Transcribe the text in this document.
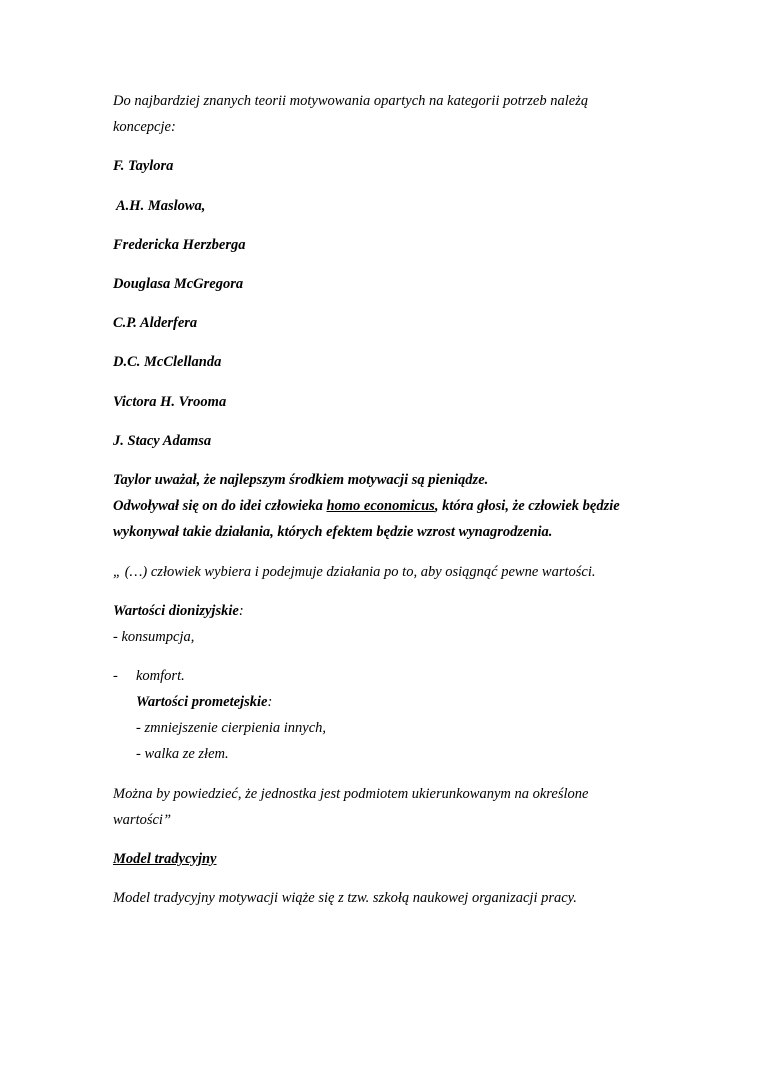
Do najbardziej znanych teorii motywowania opartych na kategorii potrzeb należą
koncepcje:
F. Taylora
A.H. Maslowa,
Fredericka Herzberga
Douglasa McGregora
C.P. Alderfera
D.C. McClellanda
Victora H. Vrooma
J. Stacy Adamsa
Taylor uważał, że najlepszym środkiem motywacji są pieniądze.
Odwoływał się on do idei człowieka homo economicus, która głosi, że człowiek będzie
wykonywał takie działania, których efektem będzie wzrost wynagrodzenia.
„ (…) człowiek wybiera i podejmuje działania po to, aby osiągnąć pewne wartości.
Wartości dionizyjskie:
- konsumpcja,
- komfort.
Wartości prometejskie:
- zmniejszenie cierpienia innych,
- walka ze złem.
Można by powiedzieć, że jednostka jest podmiotem ukierunkowanym na określone
wartości”
Model tradycyjny
Model tradycyjny motywacji wiąże się z tzw. szkołą naukowej organizacji pracy.
